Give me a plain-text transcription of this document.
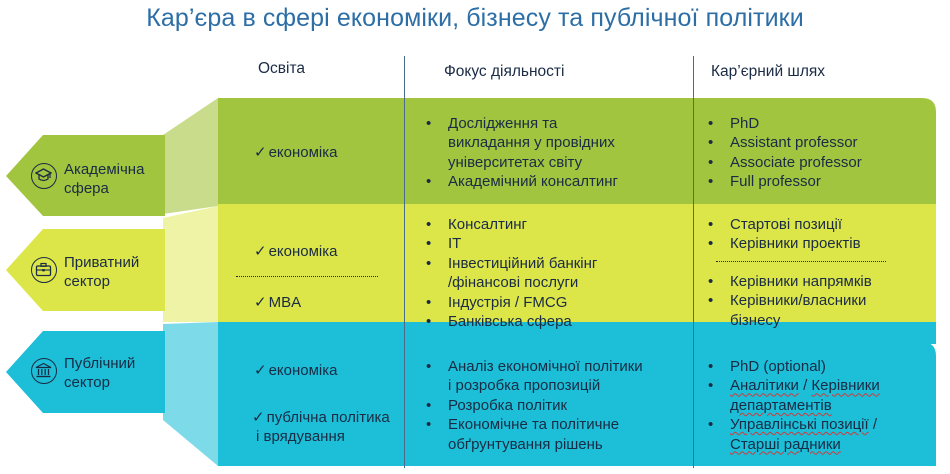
Кар’єра в сфері економіки, бізнесу та публічної політики
Освіта	Фокус діяльності	Кар’єрний шлях
Академічна
сфера
Приватний
сектор
Публічний
сектор
✓ економіка
✓ економіка
✓ MBA
✓ економіка
✓ публічна політика
і врядування
• Дослідження та
викладання у провідних
університетах світу
• Академічний консалтинг
• Консалтинг
• IT
• Інвестиційний банкінг
/фінансові послуги
• Індустрія / FMCG
• Банківська сфера
• Аналіз економічної політики
і розробка пропозицій
• Розробка політик
• Економічне та політичне
обґрунтування рішень
• PhD
• Assistant professor
• Associate professor
• Full professor
• Стартові позиції
• Керівники проектів
• Керівники напрямків
• Керівники/власники
бізнесу
• PhD (optional)
• Аналітики / Керівники
департаментів
• Управлінські позиції /
Старші радники
